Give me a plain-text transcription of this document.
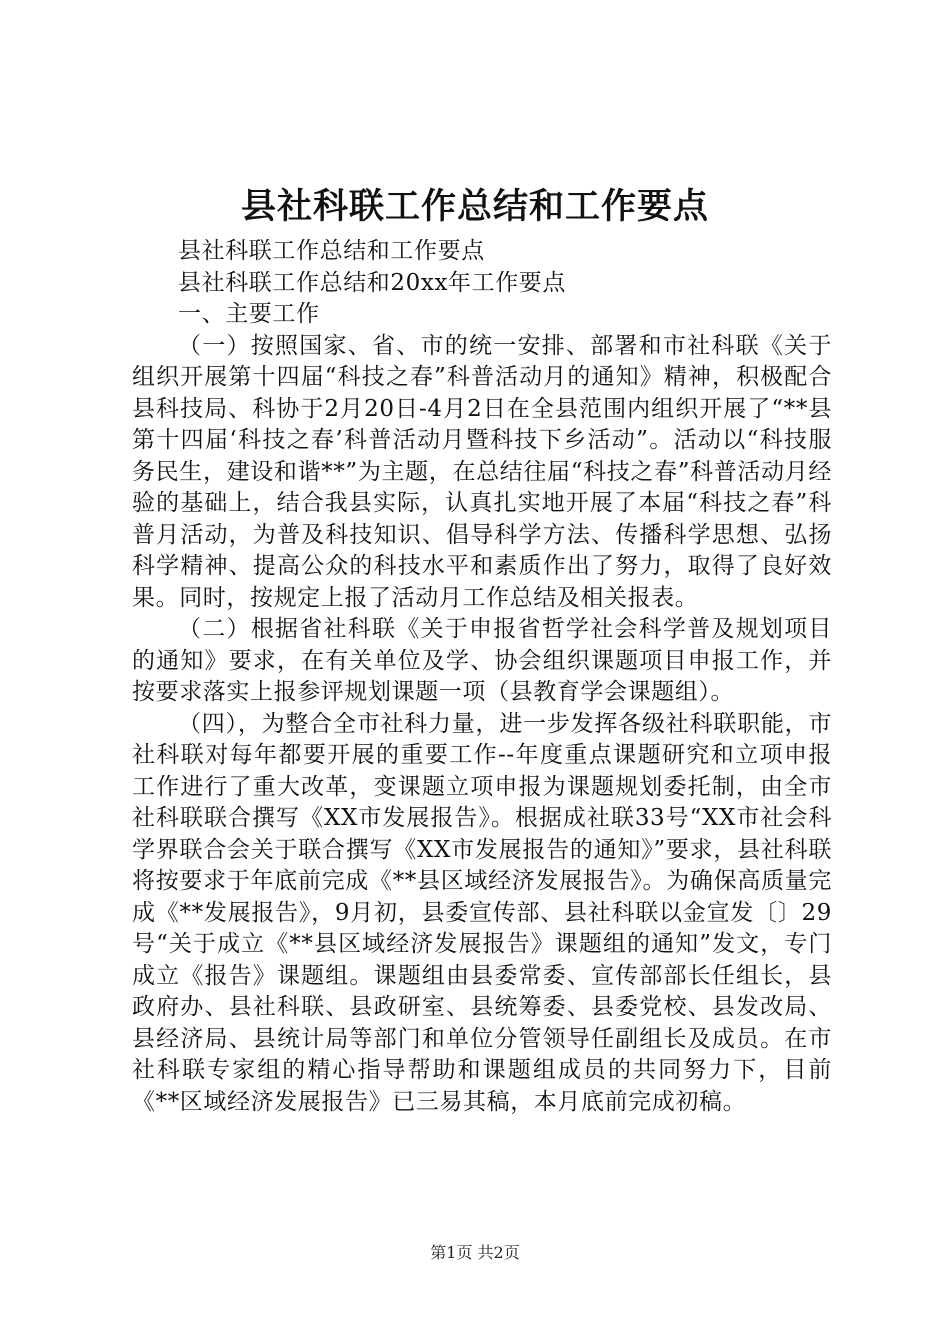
县社科联工作总结和工作要点

县社科联工作总结和工作要点

县社科联工作总结和20xx年工作要点

一、主要工作

（一）按照国家、省、市的统一安排、部署和市社科联《关于组织开展第十四届“科技之春”科普活动月的通知》精神，积极配合县科技局、科协于2月20日-4月2日在全县范围内组织开展了“**县第十四届‘科技之春’科普活动月暨科技下乡活动”。活动以“科技服务民生，建设和谐**”为主题，在总结往届“科技之春”科普活动月经验的基础上，结合我县实际，认真扎实地开展了本届“科技之春”科普月活动，为普及科技知识、倡导科学方法、传播科学思想、弘扬科学精神、提高公众的科技水平和素质作出了努力，取得了良好效果。同时，按规定上报了活动月工作总结及相关报表。

（二）根据省社科联《关于申报省哲学社会科学普及规划项目的通知》要求，在有关单位及学、协会组织课题项目申报工作，并按要求落实上报参评规划课题一项（县教育学会课题组）。

（四），为整合全市社科力量，进一步发挥各级社科联职能，市社科联对每年都要开展的重要工作--年度重点课题研究和立项申报工作进行了重大改革，变课题立项申报为课题规划委托制，由全市社科联联合撰写《XX市发展报告》。根据成社联33号“XX市社会科学界联合会关于联合撰写《XX市发展报告的通知》”要求，县社科联将按要求于年底前完成《**县区域经济发展报告》。为确保高质量完成《**发展报告》，9月初，县委宣传部、县社科联以金宣发〔〕29号“关于成立《**县区域经济发展报告》课题组的通知”发文，专门成立《报告》课题组。课题组由县委常委、宣传部部长任组长，县政府办、县社科联、县政研室、县统筹委、县委党校、县发改局、县经济局、县统计局等部门和单位分管领导任副组长及成员。在市社科联专家组的精心指导帮助和课题组成员的共同努力下，目前《**区域经济发展报告》已三易其稿，本月底前完成初稿。

第1页 共2页
